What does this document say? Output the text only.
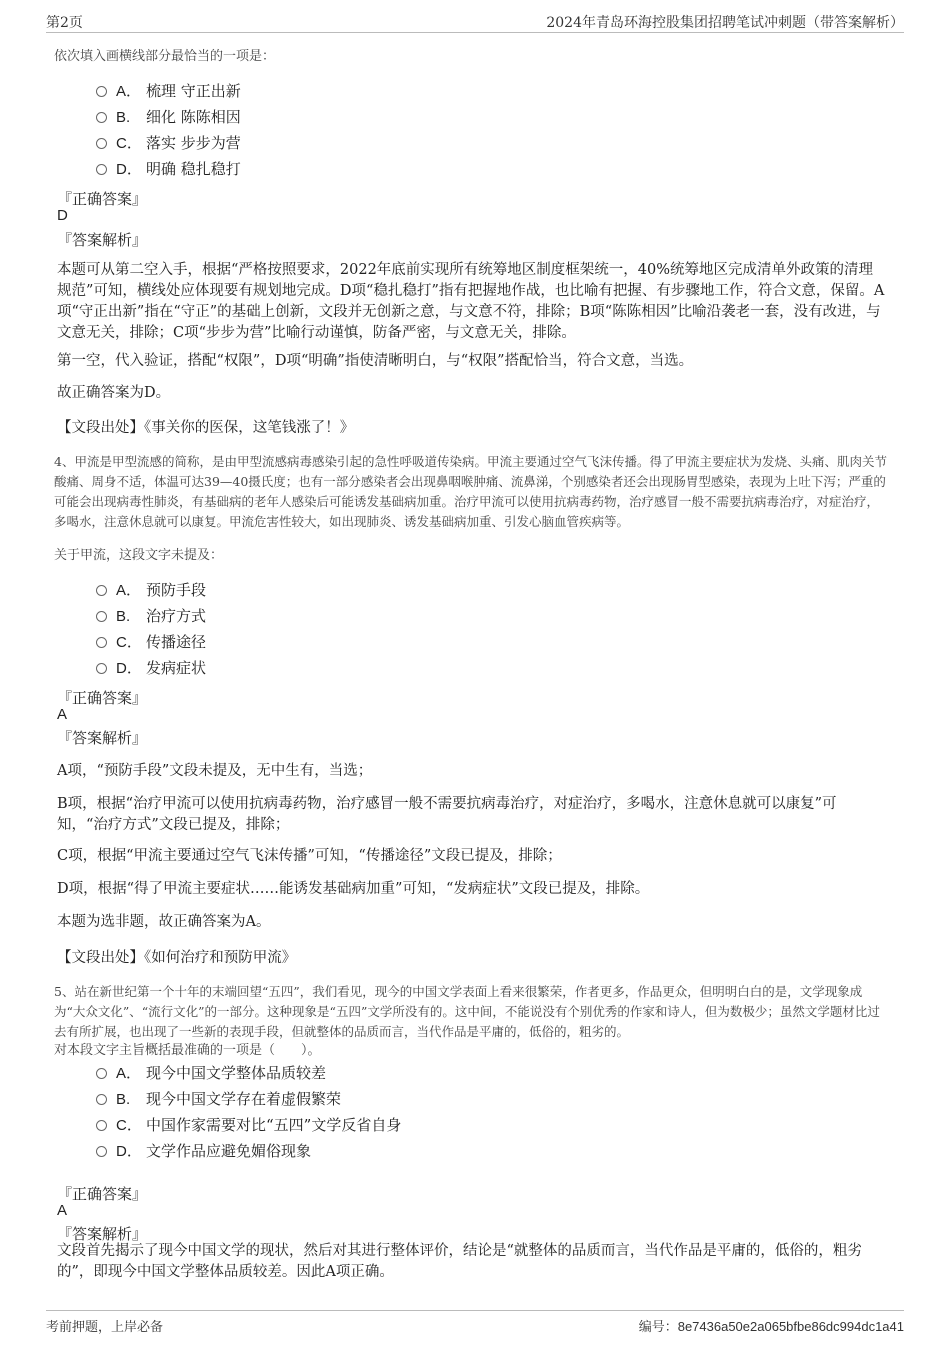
第2页	2024年青岛环海控股集团招聘笔试冲刺题（带答案解析）
依次填入画横线部分最恰当的一项是：
A． 梳理 守正出新
B. 细化 陈陈相因
C． 落实 步步为营
D． 明确 稳扎稳打
『正确答案』
D
『答案解析』
本题可从第二空入手，根据“严格按照要求，2022年底前实现所有统筹地区制度框架统一，40%统筹地区完成清单外政策的清理规范”可知，横线处应体现要有规划地完成。D项“稳扎稳打”指有把握地作战，也比喻有把握、有步骤地工作，符合文意，保留。A项“守正出新”指在“守正”的基础上创新，文段并无创新之意，与文意不符，排除；B项“陈陈相因”比喻沿袭老一套，没有改进，与文意无关，排除；C项“步步为营”比喻行动谨慎，防备严密，与文意无关，排除。
第一空，代入验证，搭配“权限”，D项“明确”指使清晰明白，与“权限”搭配恰当，符合文意，当选。
故正确答案为D。
【文段出处】《事关你的医保，这笔钱涨了！》
4、甲流是甲型流感的简称，是由甲型流感病毒感染引起的急性呼吸道传染病。甲流主要通过空气飞沫传播。得了甲流主要症状为发烧、头痛、肌肉关节酸痛、周身不适，体温可达39—40摄氏度；也有一部分感染者会出现鼻咽喉肿痛、流鼻涕，个别感染者还会出现肠胃型感染，表现为上吐下泻；严重的可能会出现病毒性肺炎，有基础病的老年人感染后可能诱发基础病加重。治疗甲流可以使用抗病毒药物，治疗感冒一般不需要抗病毒治疗，对症治疗，多喝水，注意休息就可以康复。甲流危害性较大，如出现肺炎、诱发基础病加重、引发心脑血管疾病等。
关于甲流，这段文字未提及：
A． 预防手段
B. 治疗方式
C． 传播途径
D． 发病症状
『正确答案』
A
『答案解析』
A项，“预防手段”文段未提及，无中生有，当选；
B项，根据“治疗甲流可以使用抗病毒药物，治疗感冒一般不需要抗病毒治疗，对症治疗，多喝水，注意休息就可以康复”可知，“治疗方式”文段已提及，排除；
C项，根据“甲流主要通过空气飞沫传播”可知，“传播途径”文段已提及，排除；
D项，根据“得了甲流主要症状……能诱发基础病加重”可知，“发病症状”文段已提及，排除。
本题为选非题，故正确答案为A。
【文段出处】《如何治疗和预防甲流》
5、站在新世纪第一个十年的末端回望“五四”，我们看见，现今的中国文学表面上看来很繁荣，作者更多，作品更众，但明明白白的是，文学现象成为“大众文化”、“流行文化”的一部分。这种现象是“五四”文学所没有的。这中间，不能说没有个别优秀的作家和诗人，但为数极少；虽然文学题材比过去有所扩展，也出现了一些新的表现手段，但就整体的品质而言，当代作品是平庸的，低俗的，粗劣的。
对本段文字主旨概括最准确的一项是（　　）。
A． 现今中国文学整体品质较差
B. 现今中国文学存在着虚假繁荣
C． 中国作家需要对比“五四”文学反省自身
D． 文学作品应避免媚俗现象
『正确答案』
A
『答案解析』
文段首先揭示了现今中国文学的现状，然后对其进行整体评价，结论是“就整体的品质而言，当代作品是平庸的，低俗的，粗劣的”，即现今中国文学整体品质较差。因此A项正确。
考前押题，上岸必备	编号：8e7436a50e2a065bfbe86dc994dc1a41
